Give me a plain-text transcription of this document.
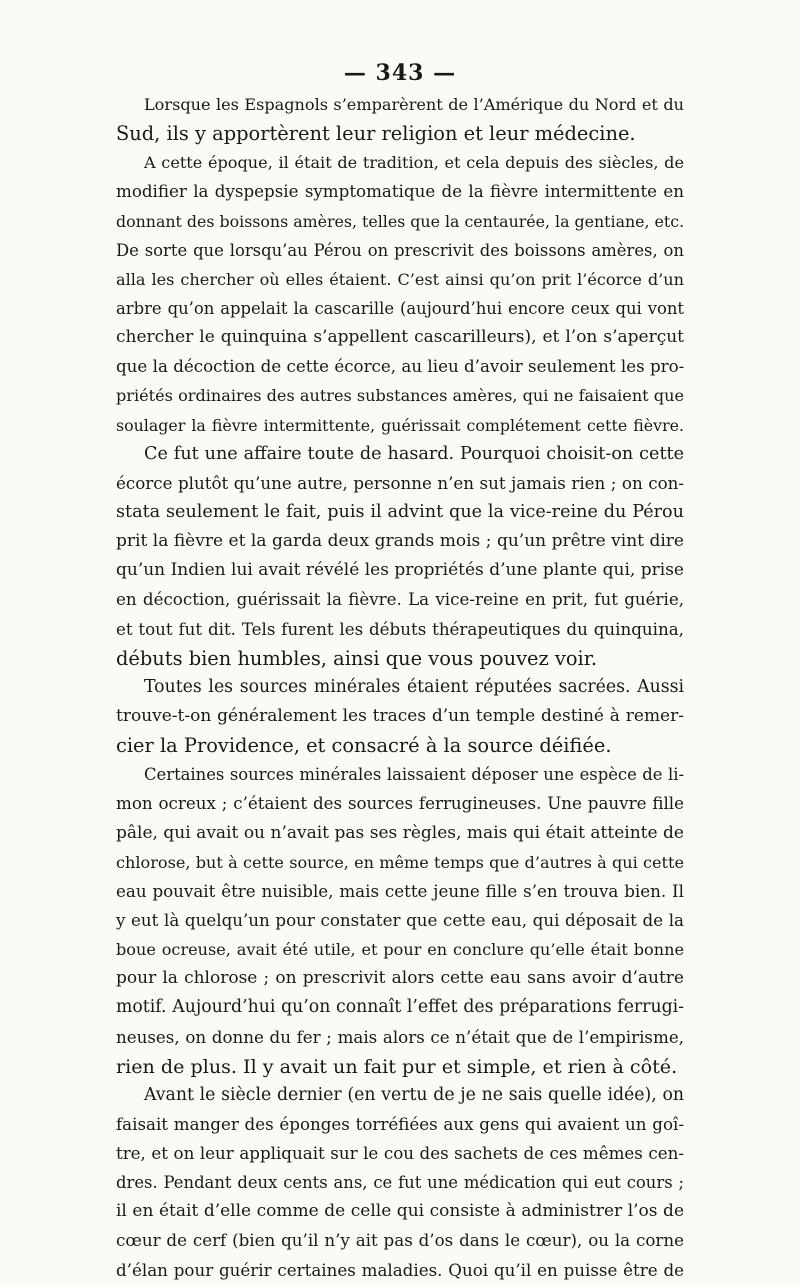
— 343 —
Lorsque les Espagnols s’emparèrent de l’Amérique du Nord et du
Sud, ils y apportèrent leur religion et leur médecine.
A cette époque, il était de tradition, et cela depuis des siècles, de
modifier la dyspepsie symptomatique de la fièvre intermittente en
donnant des boissons amères, telles que la centaurée, la gentiane, etc.
De sorte que lorsqu’au Pérou on prescrivit des boissons amères, on
alla les chercher où elles étaient. C’est ainsi qu’on prit l’écorce d’un
arbre qu’on appelait la cascarille (aujourd’hui encore ceux qui vont
chercher le quinquina s’appellent cascarilleurs), et l’on s’aperçut
que la décoction de cette écorce, au lieu d’avoir seulement les pro-
priétés ordinaires des autres substances amères, qui ne faisaient que
soulager la fièvre intermittente, guérissait complétement cette fièvre.
Ce fut une affaire toute de hasard. Pourquoi choisit-on cette
écorce plutôt qu’une autre, personne n’en sut jamais rien ; on con-
stata seulement le fait, puis il advint que la vice-reine du Pérou
prit la fièvre et la garda deux grands mois ; qu’un prêtre vint dire
qu’un Indien lui avait révélé les propriétés d’une plante qui, prise
en décoction, guérissait la fièvre. La vice-reine en prit, fut guérie,
et tout fut dit. Tels furent les débuts thérapeutiques du quinquina,
débuts bien humbles, ainsi que vous pouvez voir.
Toutes les sources minérales étaient réputées sacrées. Aussi
trouve-t-on généralement les traces d’un temple destiné à remer-
cier la Providence, et consacré à la source déifiée.
Certaines sources minérales laissaient déposer une espèce de li-
mon ocreux ; c’étaient des sources ferrugineuses. Une pauvre fille
pâle, qui avait ou n’avait pas ses règles, mais qui était atteinte de
chlorose, but à cette source, en même temps que d’autres à qui cette
eau pouvait être nuisible, mais cette jeune fille s’en trouva bien. Il
y eut là quelqu’un pour constater que cette eau, qui déposait de la
boue ocreuse, avait été utile, et pour en conclure qu’elle était bonne
pour la chlorose ; on prescrivit alors cette eau sans avoir d’autre
motif. Aujourd’hui qu’on connaît l’effet des préparations ferrugi-
neuses, on donne du fer ; mais alors ce n’était que de l’empirisme,
rien de plus. Il y avait un fait pur et simple, et rien à côté.
Avant le siècle dernier (en vertu de je ne sais quelle idée), on
faisait manger des éponges torréfiées aux gens qui avaient un goî-
tre, et on leur appliquait sur le cou des sachets de ces mêmes cen-
dres. Pendant deux cents ans, ce fut une médication qui eut cours ;
il en était d’elle comme de celle qui consiste à administrer l’os de
cœur de cerf (bien qu’il n’y ait pas d’os dans le cœur), ou la corne
d’élan pour guérir certaines maladies. Quoi qu’il en puisse être de
